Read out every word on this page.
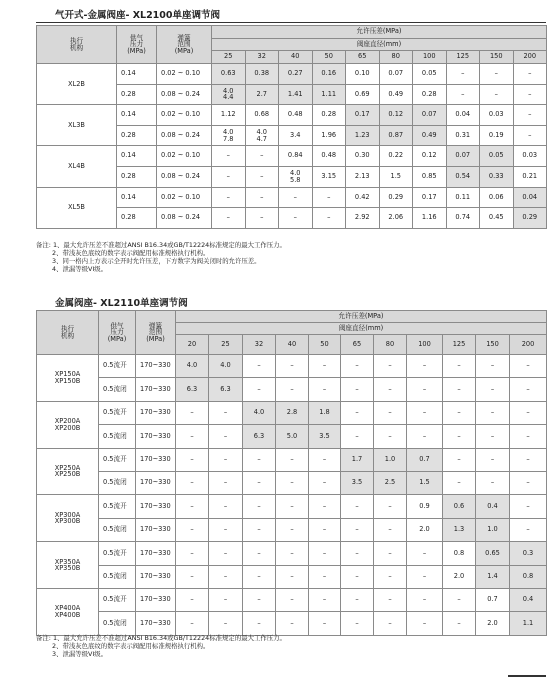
气开式-金属阀座- XL2100单座调节阀
执行
机构	供气
压力
(MPa)	弹簧
范围
(MPa)	允许压差(MPa)									
			阀座直径(mm)									
			25	32	40	50	65	80	100	125	150	200
XL2B	0.14	0.02 ~ 0.10	0.63	0.38	0.27	0.16	0.10	0.07	0.05	–	–	–
	0.28	0.08 ~ 0.24	4.0
4.4	2.7	1.41	1.11	0.69	0.49	0.28	–	–	–
XL3B	0.14	0.02 ~ 0.10	1.12	0.68	0.48	0.28	0.17	0.12	0.07	0.04	0.03	–
	0.28	0.08 ~ 0.24	4.0
7.8	4.0
4.7	3.4	1.96	1.23	0.87	0.49	0.31	0.19	–
XL4B	0.14	0.02 ~ 0.10	–	–	0.84	0.48	0.30	0.22	0.12	0.07	0.05	0.03
	0.28	0.08 ~ 0.24	–	–	4.0
5.8	3.15	2.13	1.5	0.85	0.54	0.33	0.21
XL5B	0.14	0.02 ~ 0.10	–	–	–	–	0.42	0.29	0.17	0.11	0.06	0.04
	0.28	0.08 ~ 0.24	–	–	–	–	2.92	2.06	1.16	0.74	0.45	0.29
备注: 1、最大允许压差不准超过ANSI B16.34或GB/T12224标准规定的最大工作压力。
2、带浅灰色底纹的数字表示阀配用标准规格执行机构。
3、同一格内上方表示全开时允许压差，下方数字为阀关闭时的允许压差。
4、泄漏等级VI级。
金属阀座- XL2110单座调节阀
执行
机构	供气
压力
(MPa)	弹簧
范围
(MPa)	允许压差(MPa)										
			阀座直径(mm)										
			20	25	32	40	50	65	80	100	125	150	200
XP150A
XP150B	0.5流开	170~330	4.0	4.0	–	–	–	–	–	–	–	–	–
	0.5流闭	170~330	6.3	6.3	–	–	–	–	–	–	–	–	–
XP200A
XP200B	0.5流开	170~330	–	–	4.0	2.8	1.8	–	–	–	–	–	–
	0.5流闭	170~330	–	–	6.3	5.0	3.5	–	–	–	–	–	–
XP250A
XP250B	0.5流开	170~330	–	–	–	–	–	1.7	1.0	0.7	–	–	–
	0.5流闭	170~330	–	–	–	–	–	3.5	2.5	1.5	–	–	–
XP300A
XP300B	0.5流开	170~330	–	–	–	–	–	–	–	0.9	0.6	0.4	–
	0.5流闭	170~330	–	–	–	–	–	–	–	2.0	1.3	1.0	–
XP350A
XP350B	0.5流开	170~330	–	–	–	–	–	–	–	–	0.8	0.65	0.3
	0.5流闭	170~330	–	–	–	–	–	–	–	–	2.0	1.4	0.8
XP400A
XP400B	0.5流开	170~330	–	–	–	–	–	–	–	–	–	0.7	0.4
	0.5流闭	170~330	–	–	–	–	–	–	–	–	–	2.0	1.1
备注: 1、最大允许压差不准超过ANSI B16.34或GB/T12224标准规定的最大工作压力。
2、带浅灰色底纹的数字表示阀配用标准规格执行机构。
3、泄漏等级VI级。
